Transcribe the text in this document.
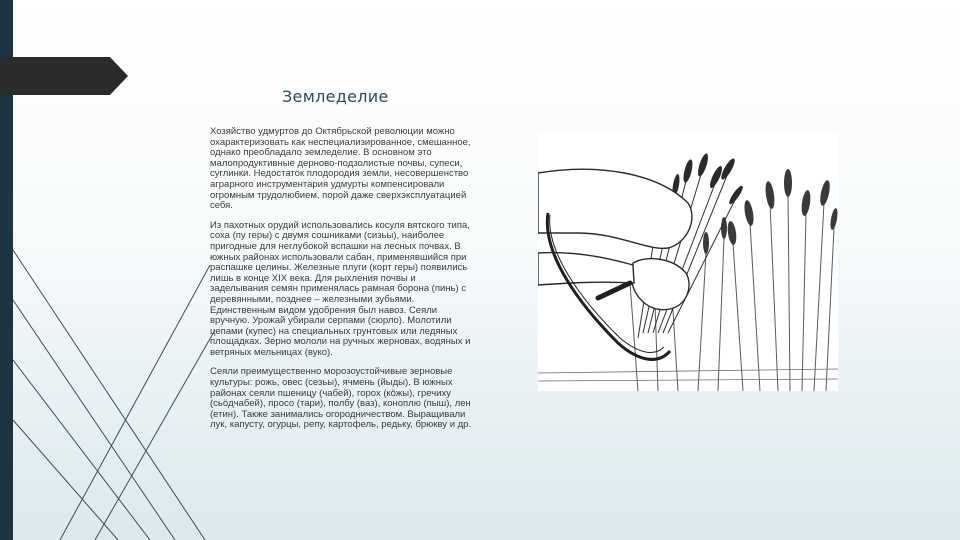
Земледелие

Хозяйство удмуртов до Октябрьской революции можно охарактеризовать как неспециализированное, смешанное, однако преобладало земледелие. В основном это малопродуктивные дерново-подзолистые почвы, супеси, суглинки. Недостаток плодородия земли, несовершенство аграрного инструментария удмурты компенсировали огромным трудолюбием, порой даже сверхэксплуатацией себя.

Из пахотных орудий использовались косуля вятского типа, соха (пу геры) с двумя сошниками (сизьы), наиболее пригодные для неглубокой вспашки на лесных почвах. В южных районах использовали сабан, применявшийся при распашке целины. Железные плуги (корт геры) появились лишь в конце XIX века. Для рыхления почвы и заделывания семян применялась рамная борона (пинь) с деревянными, позднее – железными зубьями. Единственным видом удобрения был навоз. Сеяли вручную. Урожай убирали серпами (сюрло). Молотили цепами (купес) на специальных грунтовых или ледяных площадках. Зерно мололи на ручных жерновах, водяных и ветряных мельницах (вуко).

Сеяли преимущественно морозоустойчивые зерновые культуры: рожь, овес (сезьы), ячмень (йыды). В южных районах сеяли пшеницу (чабей), горох (кöжы), гречиху (сьöдчабей), просо (тари), полбу (ваз), коноплю (пыш), лен (етин). Также занимались огородничеством. Выращивали лук, капусту, огурцы, репу, картофель, редьку, брюкву и др.
